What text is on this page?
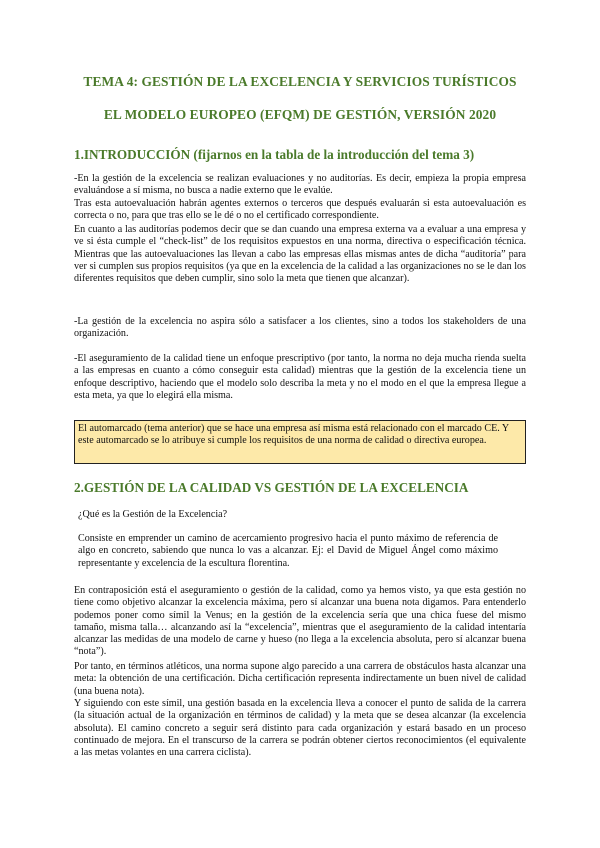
TEMA 4: GESTIÓN DE LA EXCELENCIA Y SERVICIOS TURÍSTICOS
EL MODELO EUROPEO (EFQM) DE GESTIÓN, VERSIÓN 2020
1.INTRODUCCIÓN (fijarnos en la tabla de la introducción del tema 3)

-En la gestión de la excelencia se realizan evaluaciones y no auditorías. Es decir, empieza la propia empresa evaluándose a sí misma, no busca a nadie externo que le evalúe.

Tras esta autoevaluación habrán agentes externos o terceros que después evaluarán si esta autoevaluación es correcta o no, para que tras ello se le dé o no el certificado correspondiente.

En cuanto a las auditorías podemos decir que se dan cuando una empresa externa va a evaluar a una empresa y ve si ésta cumple el “check-list” de los requisitos expuestos en una norma, directiva o especificación técnica. Mientras que las autoevaluaciones las llevan a cabo las empresas ellas mismas antes de dicha “auditoría” para ver si cumplen sus propios requisitos (ya que en la excelencia de la calidad a las organizaciones no se le dan los diferentes requisitos que deben cumplir, sino solo la meta que tienen que alcanzar).

-La gestión de la excelencia no aspira sólo a satisfacer a los clientes, sino a todos los stakeholders de una organización.

-El aseguramiento de la calidad tiene un enfoque prescriptivo (por tanto, la norma no deja mucha rienda suelta a las empresas en cuanto a cómo conseguir esta calidad) mientras que la gestión de la excelencia tiene un enfoque descriptivo, haciendo que el modelo solo describa la meta y no el modo en el que la empresa llegue a esta meta, ya que lo elegirá ella misma.

El automarcado (tema anterior) que se hace una empresa así misma está relacionado con el marcado CE. Y este automarcado se lo atribuye si cumple los requisitos de una norma de calidad o directiva europea.
2.GESTIÓN DE LA CALIDAD VS GESTIÓN DE LA EXCELENCIA

¿Qué es la Gestión de la Excelencia?

Consiste en emprender un camino de acercamiento progresivo hacia el punto máximo de referencia de algo en concreto, sabiendo que nunca lo vas a alcanzar. Ej: el David de Miguel Ángel como máximo representante y excelencia de la escultura florentina.

En contraposición está el aseguramiento o gestión de la calidad, como ya hemos visto, ya que esta gestión no tiene como objetivo alcanzar la excelencia máxima, pero sí alcanzar una buena nota digamos. Para entenderlo podemos poner como símil la Venus; en la gestión de la excelencia sería que una chica fuese del mismo tamaño, misma talla… alcanzando así la “excelencia”, mientras que el aseguramiento de la calidad intentaría alcanzar las medidas de una modelo de carne y hueso (no llega a la excelencia absoluta, pero sí alcanzar buena “nota”).

Por tanto, en términos atléticos, una norma supone algo parecido a una carrera de obstáculos hasta alcanzar una meta: la obtención de una certificación. Dicha certificación representa indirectamente un buen nivel de calidad (una buena nota).

Y siguiendo con este símil, una gestión basada en la excelencia lleva a conocer el punto de salida de la carrera (la situación actual de la organización en términos de calidad) y la meta que se desea alcanzar (la excelencia absoluta). El camino concreto a seguir será distinto para cada organización y estará basado en un proceso continuado de mejora. En el transcurso de la carrera se podrán obtener ciertos reconocimientos (el equivalente a las metas volantes en una carrera ciclista).
